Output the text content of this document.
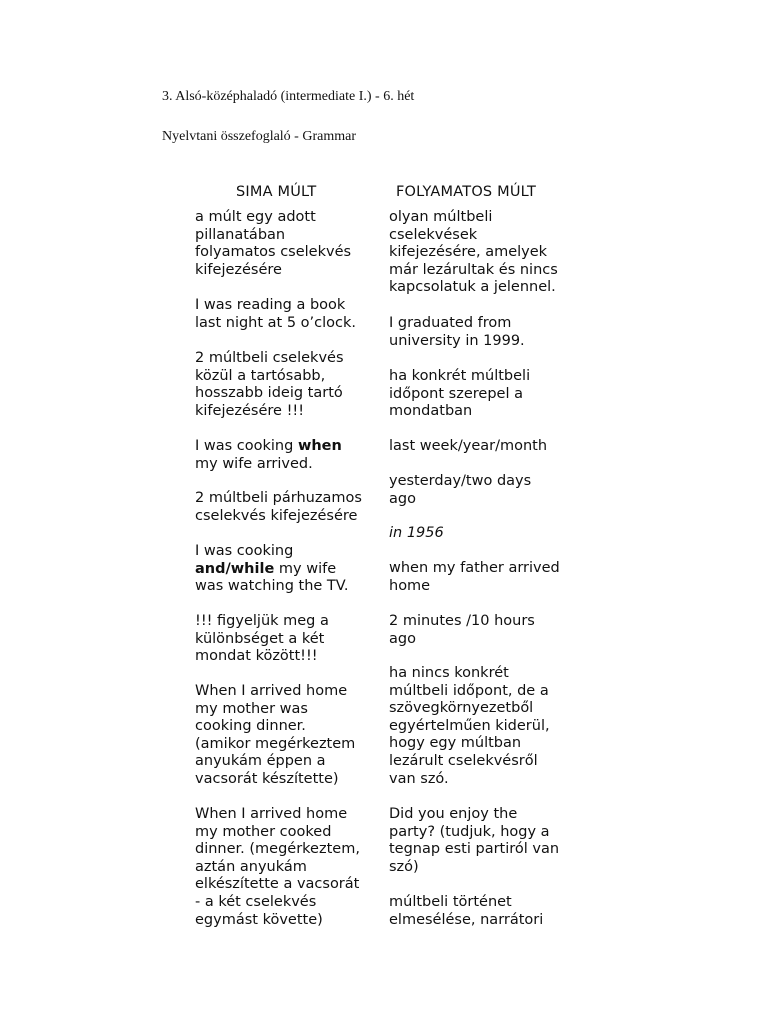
3. Alsó-középhaladó (intermediate I.) - 6. hét
Nyelvtani összefoglaló - Grammar
SIMA MÚLT	FOLYAMATOS MÚLT

a múlt egy adott
pillanatában
folyamatos cselekvés
kifejezésére

I was reading a book
last night at 5 o’clock.

2 múltbeli cselekvés
közül a tartósabb,
hosszabb ideig tartó
kifejezésére !!!

I was cooking when
my wife arrived.

2 múltbeli párhuzamos
cselekvés kifejezésére

I was cooking
and/while my wife
was watching the TV.

!!! figyeljük meg a
különbséget a két
mondat között!!!

When I arrived home
my mother was
cooking dinner.
(amikor megérkeztem
anyukám éppen a
vacsorát készítette)

When I arrived home
my mother cooked
dinner. (megérkeztem,
aztán anyukám
elkészítette a vacsorát
- a két cselekvés
egymást követte)

olyan múltbeli
cselekvések
kifejezésére, amelyek
már lezárultak és nincs
kapcsolatuk a jelennel.

I graduated from
university in 1999.

ha konkrét múltbeli
időpont szerepel a
mondatban

last week/year/month

yesterday/two days
ago

in 1956

when my father arrived
home

2 minutes /10 hours
ago

ha nincs konkrét
múltbeli időpont, de a
szövegkörnyezetből
egyértelműen kiderül,
hogy egy múltban
lezárult cselekvésről
van szó.

Did you enjoy the
party? (tudjuk, hogy a
tegnap esti partiról van
szó)

múltbeli történet
elmesélése, narrátori
